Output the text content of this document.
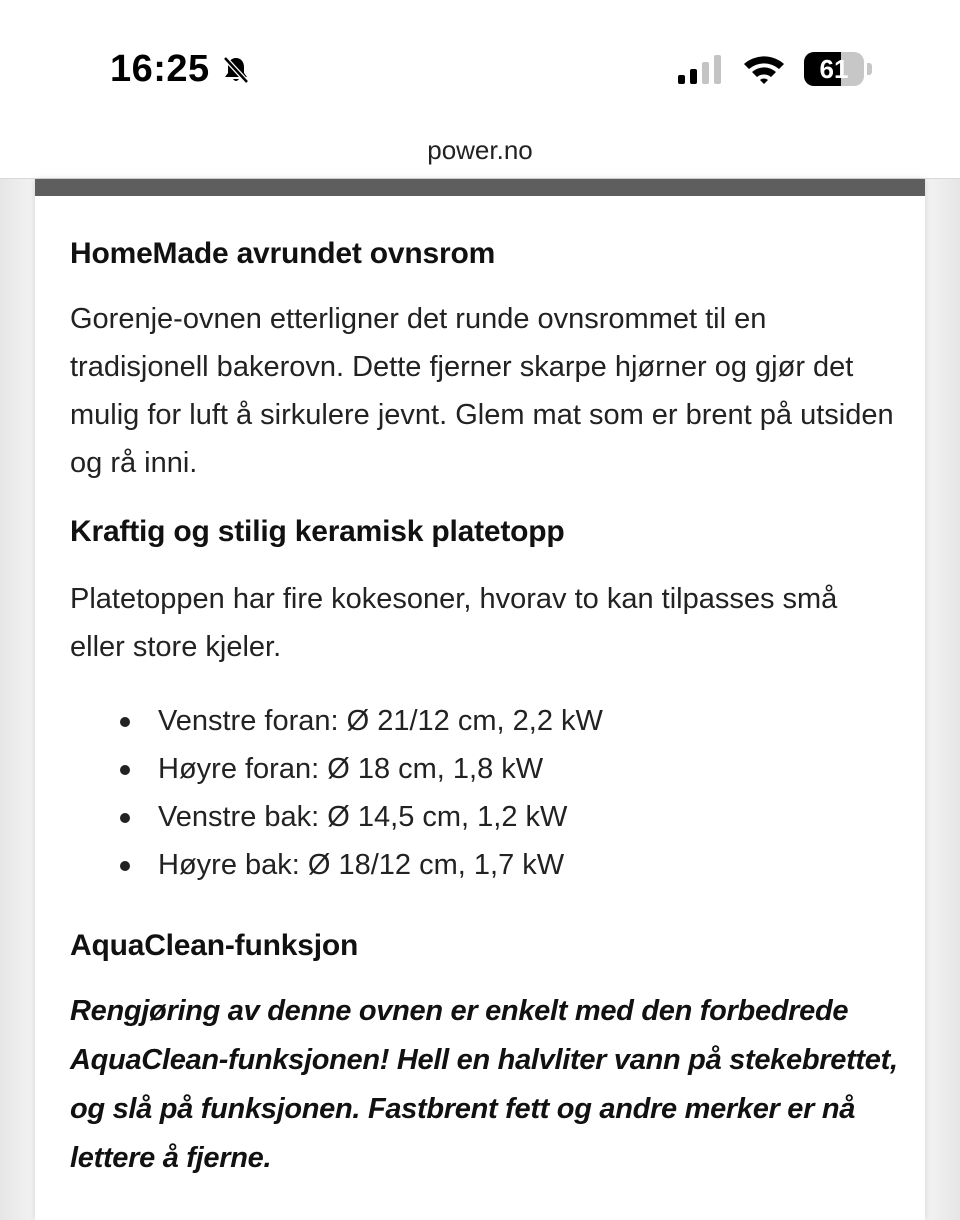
16:25	61
power.no
HomeMade avrundet ovnsrom

Gorenje-ovnen etterligner det runde ovnsrommet til en tradisjonell bakerovn. Dette fjerner skarpe hjørner og gjør det mulig for luft å sirkulere jevnt. Glem mat som er brent på utsiden og rå inni.

Kraftig og stilig keramisk platetopp

Platetoppen har fire kokesoner, hvorav to kan tilpasses små eller store kjeler.

Venstre foran: Ø 21/12 cm, 2,2 kW
Høyre foran: Ø 18 cm, 1,8 kW
Venstre bak: Ø 14,5 cm, 1,2 kW
Høyre bak: Ø 18/12 cm, 1,7 kW
AquaClean-funksjon

Rengjøring av denne ovnen er enkelt med den forbedrede AquaClean-funksjonen! Hell en halvliter vann på stekebrettet, og slå på funksjonen. Fastbrent fett og andre merker er nå lettere å fjerne.
